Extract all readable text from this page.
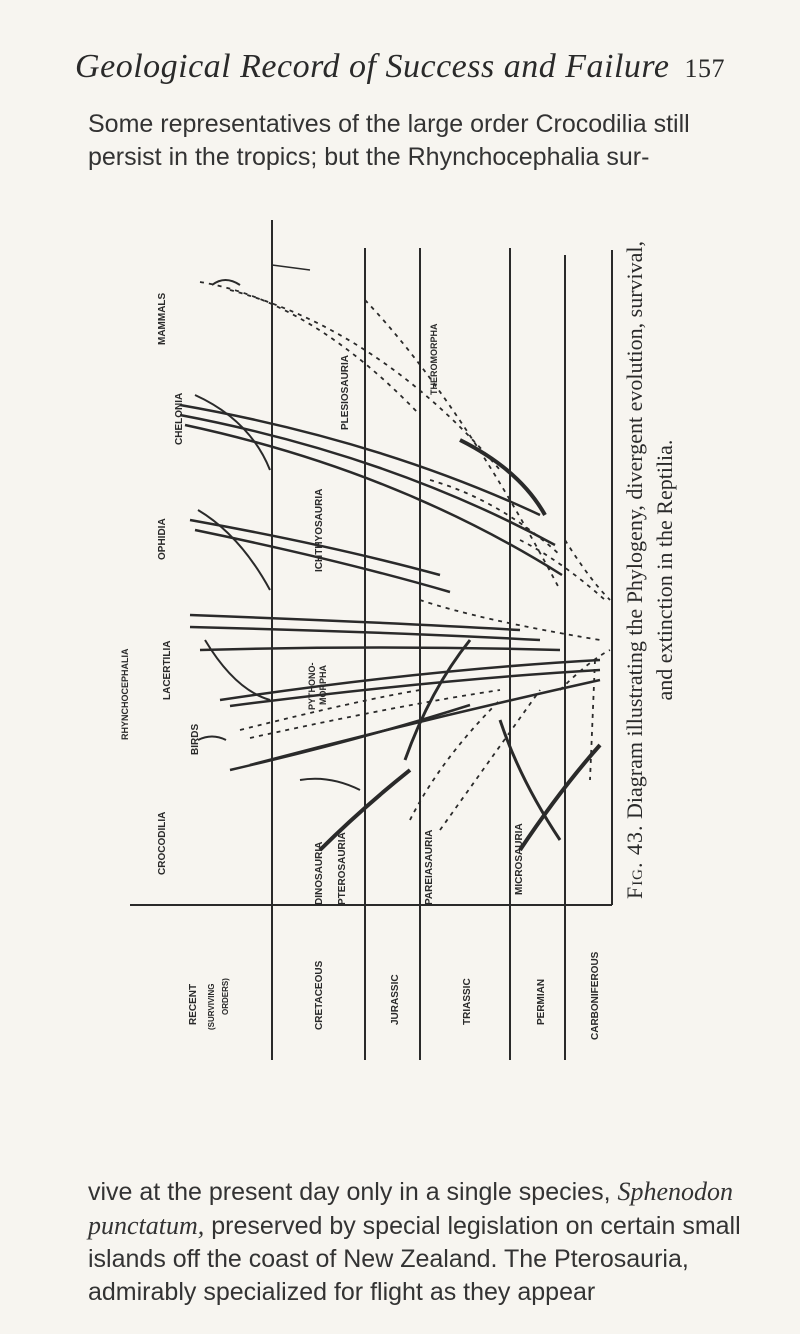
Geological Record of Success and Failure 157
Some representatives of the large order Crocodilia still persist in the tropics; but the Rhynchocephalia sur-
MAMMALS
CHELONIA
OPHIDIA
RHYNCHOCEPHALIA	LACERTILIA
BIRDS
CROCODILIA
PLESIOSAURIA	THEROMORPHA
ICHTHYOSAURIA
PYTHONO- MORPHA
DINOSAURIA PTEROSAURIA	PAREIASAURIA	MICROSAURIA
RECENT (SURVIVING ORDERS)	CRETACEOUS	JURASSIC	TRIASSIC	PERMIAN	CARBONIFEROUS
Fig. 43. Diagram illustrating the Phylogeny, divergent evolution, survival, and extinction in the Reptilia.
vive at the present day only in a single species, Sphenodon punctatum, preserved by special legislation on certain small islands off the coast of New Zealand. The Pterosauria, admirably specialized for flight as they appear
